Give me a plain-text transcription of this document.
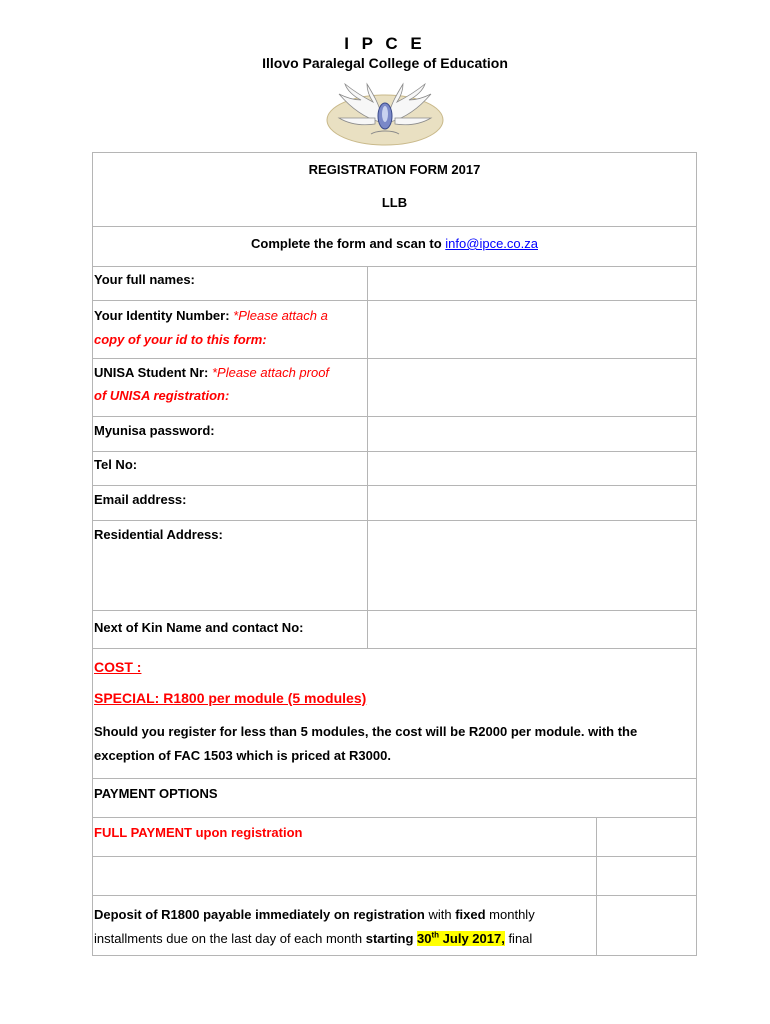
I P C E
Illovo Paralegal College of Education
REGISTRATION FORM 2017
LLB
Complete the form and scan to info@ipce.co.za
Your full names:
Your Identity Number: *Please attach a
copy of your id to this form:
UNISA Student Nr: *Please attach proof
of UNISA registration:
Myunisa password:
Tel No:
Email address:
Residential Address:
Next of Kin Name and contact No:
COST :
SPECIAL: R1800 per module (5 modules)
Should you register for less than 5 modules, the cost will be R2000 per module. with the
exception of FAC 1503 which is priced at R3000.
PAYMENT OPTIONS
FULL PAYMENT upon registration
Deposit of R1800 payable immediately on registration with fixed monthly
installments due on the last day of each month starting 30th July 2017, final
